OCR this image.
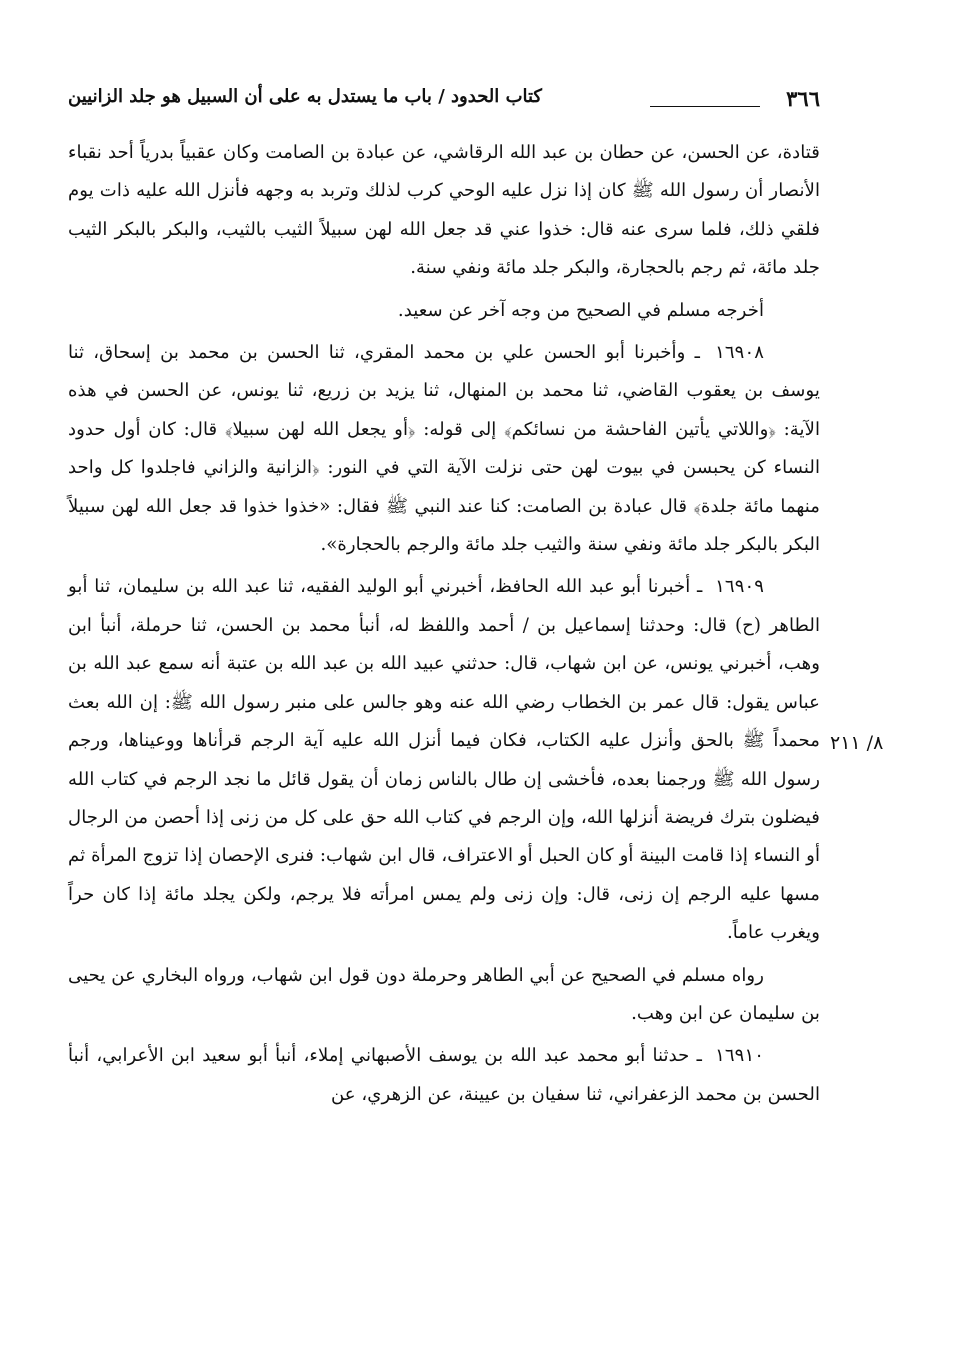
٣٦٦
كتاب الحدود / باب ما يستدل به على أن السبيل هو جلد الزانيين
٨/ ٢١١

قتادة، عن الحسن، عن حطان بن عبد الله الرقاشي، عن عبادة بن الصامت وكان عقبياً بدرياً أحد نقباء الأنصار أن رسول الله ﷺ كان إذا نزل عليه الوحي كرب لذلك وتربد به وجهه فأنزل الله عليه ذات يوم فلقي ذلك، فلما سرى عنه قال: خذوا عني قد جعل الله لهن سبيلاً الثيب بالثيب، والبكر بالبكر الثيب جلد مائة، ثم رجم بالحجارة، والبكر جلد مائة ونفي سنة.

أخرجه مسلم في الصحيح من وجه آخر عن سعيد.

١٦٩٠٨ ـ وأخبرنا أبو الحسن علي بن محمد المقري، ثنا الحسن بن محمد بن إسحاق، ثنا يوسف بن يعقوب القاضي، ثنا محمد بن المنهال، ثنا يزيد بن زريع، ثنا يونس، عن الحسن في هذه الآية: ﴿واللاتي يأتين الفاحشة من نسائكم﴾ إلى قوله: ﴿أو يجعل الله لهن سبيلا﴾ قال: كان أول حدود النساء كن يحبسن في بيوت لهن حتى نزلت الآية التي في النور: ﴿الزانية والزاني فاجلدوا كل واحد منهما مائة جلدة﴾ قال عبادة بن الصامت: كنا عند النبي ﷺ فقال: «خذوا خذوا قد جعل الله لهن سبيلاً البكر بالبكر جلد مائة ونفي سنة والثيب جلد مائة والرجم بالحجارة».

١٦٩٠٩ ـ أخبرنا أبو عبد الله الحافظ، أخبرني أبو الوليد الفقيه، ثنا عبد الله بن سليمان، ثنا أبو الطاهر (ح) قال: وحدثنا إسماعيل بن / أحمد واللفظ له، أنبأ محمد بن الحسن، ثنا حرملة، أنبأ ابن وهب، أخبرني يونس، عن ابن شهاب، قال: حدثني عبيد الله بن عبد الله بن عتبة أنه سمع عبد الله بن عباس يقول: قال عمر بن الخطاب رضي الله عنه وهو جالس على منبر رسول الله ﷺ: إن الله بعث محمداً ﷺ بالحق وأنزل عليه الكتاب، فكان فيما أنزل الله عليه آية الرجم قرأناها ووعيناها، ورجم رسول الله ﷺ ورجمنا بعده، فأخشى إن طال بالناس زمان أن يقول قائل ما نجد الرجم في كتاب الله فيضلون بترك فريضة أنزلها الله، وإن الرجم في كتاب الله حق على كل من زنى إذا أحصن من الرجال أو النساء إذا قامت البينة أو كان الحبل أو الاعتراف، قال ابن شهاب: فنرى الإحصان إذا تزوج المرأة ثم مسها عليه الرجم إن زنى، قال: وإن زنى ولم يمس امرأته فلا يرجم، ولكن يجلد مائة إذا كان حراً ويغرب عاماً.

رواه مسلم في الصحيح عن أبي الطاهر وحرملة دون قول ابن شهاب، ورواه البخاري عن يحيى بن سليمان عن ابن وهب.

١٦٩١٠ ـ حدثنا أبو محمد عبد الله بن يوسف الأصبهاني إملاء، أنبأ أبو سعيد ابن الأعرابي، أنبأ الحسن بن محمد الزعفراني، ثنا سفيان بن عيينة، عن الزهري، عن
